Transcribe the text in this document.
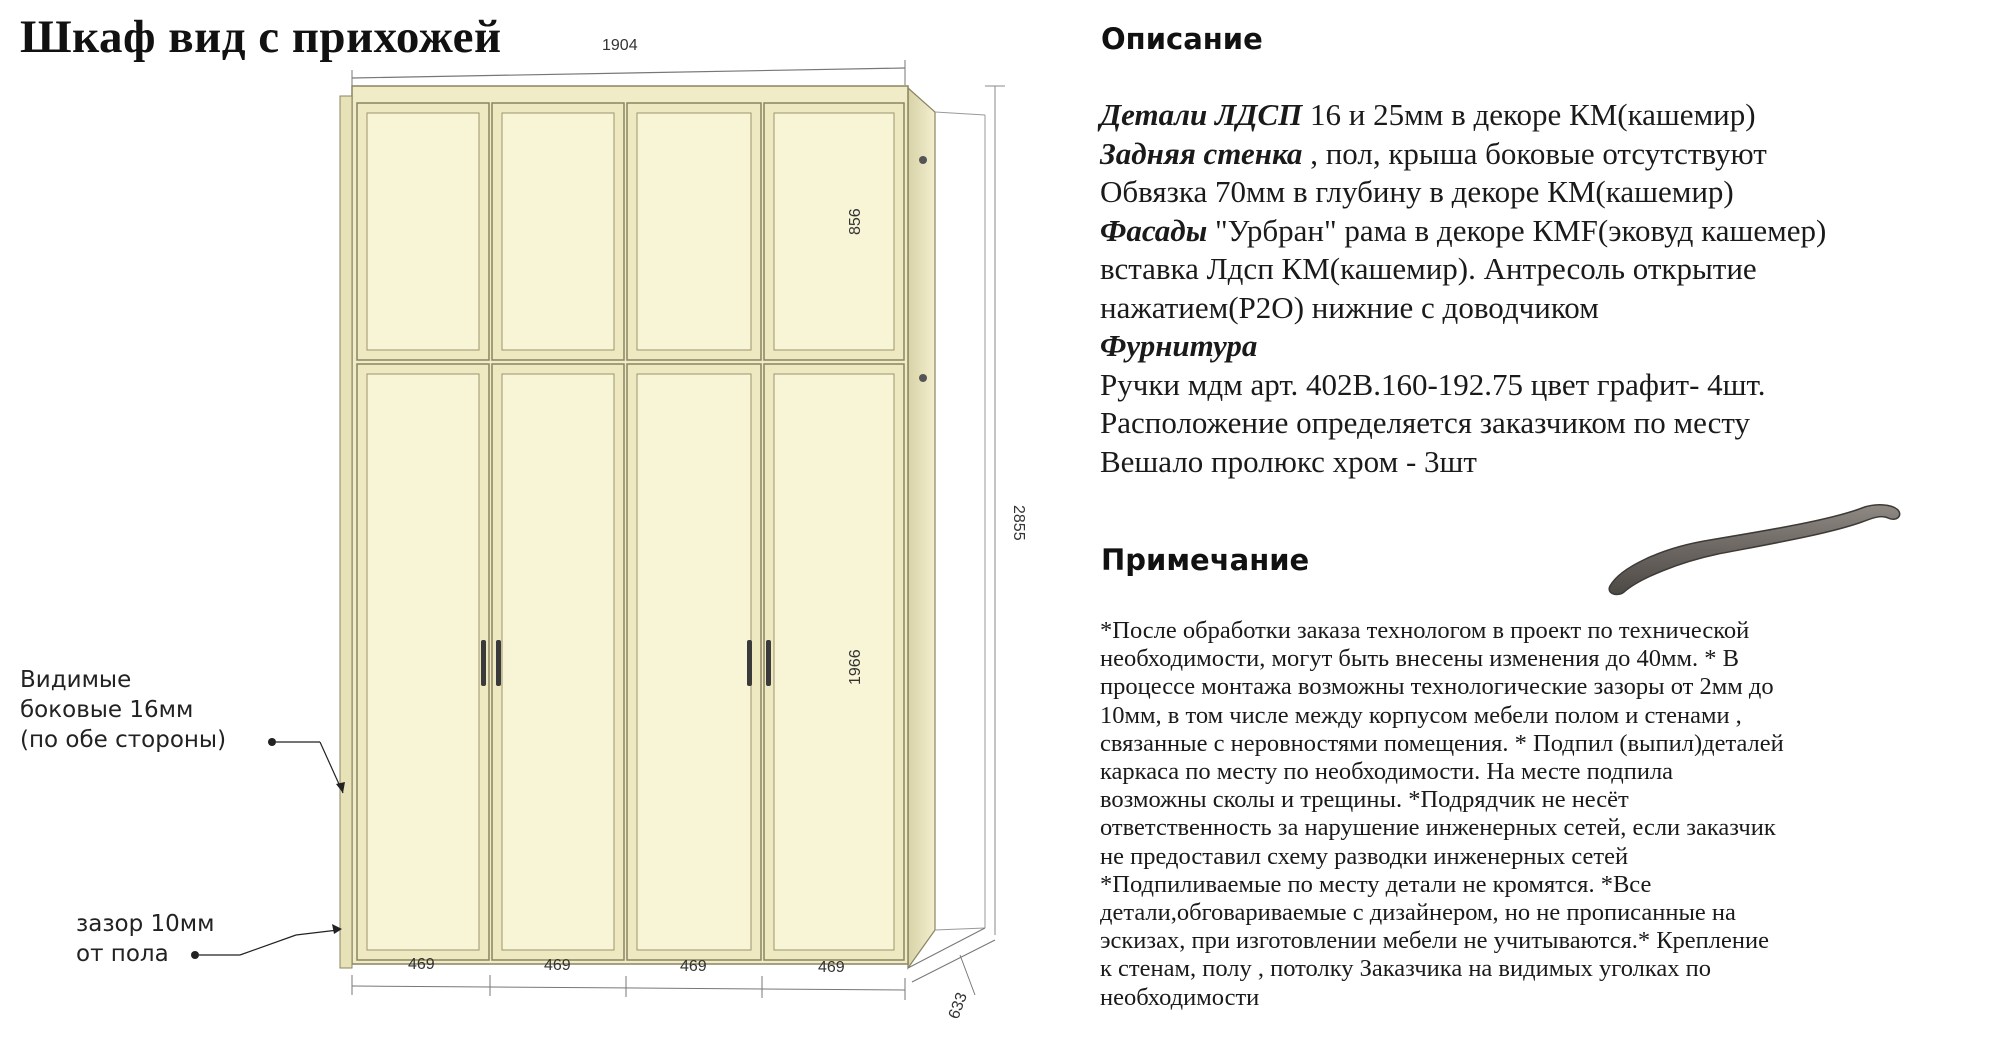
Шкаф вид с прихожей	1904
633
2855
856
1966
469	469	469	469
Видимые
боковые 16мм
(по обе стороны)
зазор 10мм
от пола
Описание
Детали ЛДСП 16 и 25мм в декоре КМ(кашемир)
Задняя стенка , пол, крыша боковые отсутствуют
Обвязка 70мм в глубину в декоре КМ(кашемир)
Фасады "Урбран" рама в декоре КМF(эковуд кашемер)
вставка Лдсп КМ(кашемир). Антресоль открытие
нажатием(Р2О) нижние с доводчиком
Фурнитура
Ручки мдм арт. 402В.160-192.75 цвет графит- 4шт.
Расположение определяется заказчиком по месту
Вешало пролюкс хром - 3шт
Примечание
*После обработки заказа технологом в проект по технической
необходимости, могут быть внесены изменения до 40мм. * В
процессе монтажа возможны технологические зазоры от 2мм до
10мм, в том числе между корпусом мебели полом и стенами ,
связанные с неровностями помещения. * Подпил (выпил)деталей
каркаса по месту по необходимости. На месте подпила
возможны сколы и трещины. *Подрядчик не несёт
ответственность за нарушение инженерных сетей, если заказчик
не предоставил схему разводки инженерных сетей
*Подпиливаемые по месту детали не кромятся. *Все
детали,обговариваемые с дизайнером, но не прописанные на
эскизах, при изготовлении мебели не учитываются.* Крепление
к стенам, полу , потолку Заказчика на видимых уголках по
необходимости
